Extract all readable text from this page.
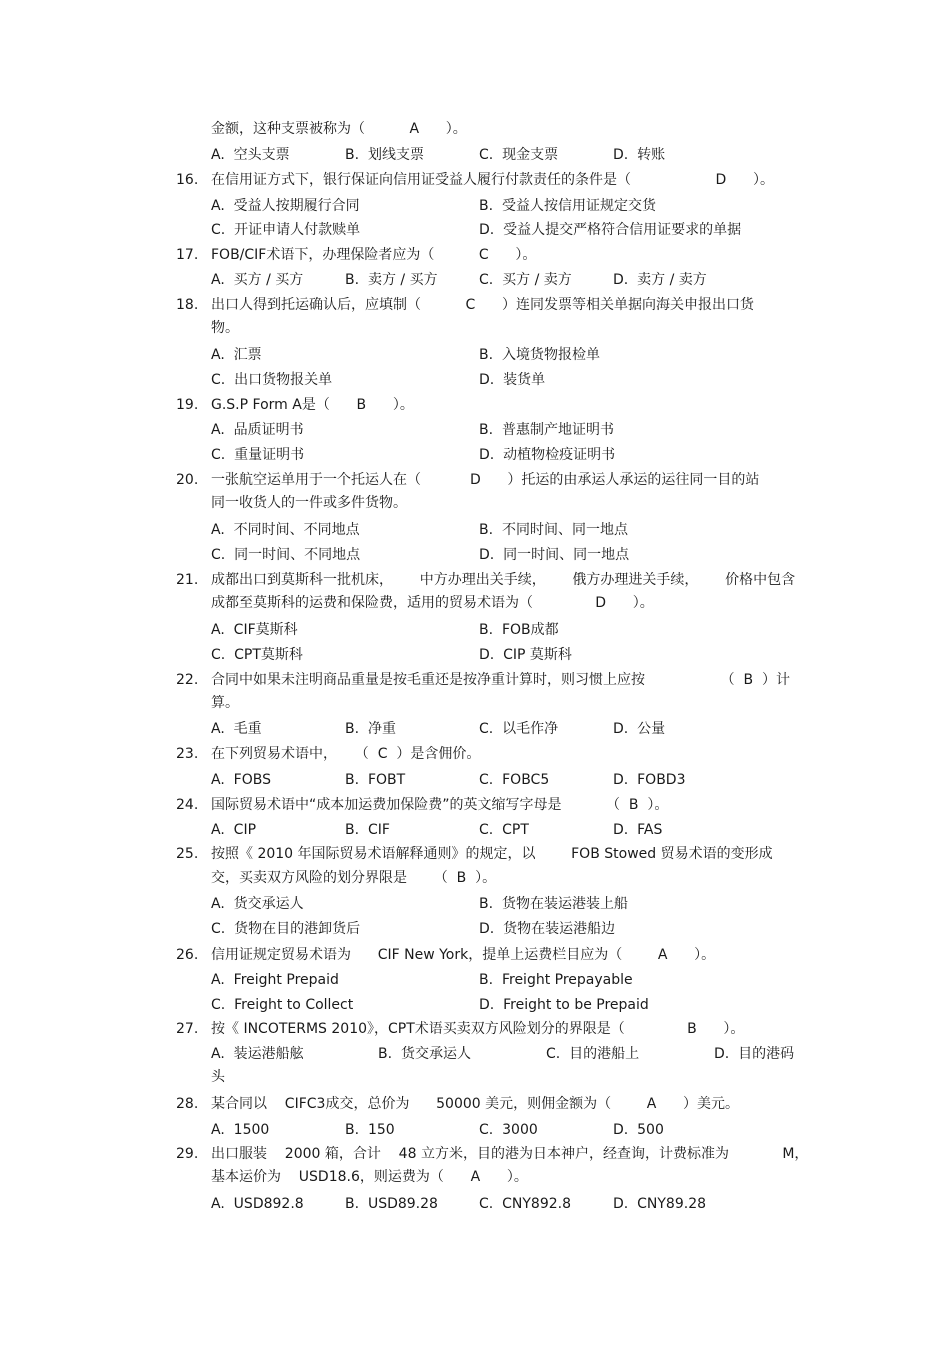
金额，这种支票被称为（          A      ）。
A.  空头支票	B.  划线支票	C.  现金支票	D.  转账
16. 在信用证方式下，银行保证向信用证受益人履行付款责任的条件是（                   D      ）。
A.  受益人按期履行合同	B.  受益人按信用证规定交货
C.  开证申请人付款赎单	D.  受益人提交严格符合信用证要求的单据
17. FOB/CIF术语下，办理保险者应为（          C      ）。
A.  买方 / 买方	B.  卖方 / 买方	C.  买方 / 卖方	D.  卖方 / 卖方
18. 出口人得到托运确认后，应填制（          C      ）连同发票等相关单据向海关申报出口货
物。
A.  汇票	B.  入境货物报检单
C.  出口货物报关单	D.  装货单
19. G.S.P Form A是（      B      ）。
A.  品质证明书	B.  普惠制产地证明书
C.  重量证明书	D.  动植物检疫证明书
20. 一张航空运单用于一个托运人在（           D      ）托运的由承运人承运的运往同一目的站
同一收货人的一件或多件货物。
A.  不同时间、不同地点	B.  不同时间、同一地点
C.  同一时间、不同地点	D.  同一时间、同一地点
21. 成都出口到莫斯科一批机床，      中方办理出关手续，      俄方办理进关手续，      价格中包含
成都至莫斯科的运费和保险费，适用的贸易术语为（              D      ）。
A.  CIF莫斯科	B.  FOB成都
C.  CPT莫斯科	D.  CIP 莫斯科
22. 合同中如果未注明商品重量是按毛重还是按净重计算时，则习惯上应按                 （  B  ）计
算。
A.  毛重	B.  净重	C.  以毛作净	D.  公量
23. 在下列贸易术语中，    （  C  ）是含佣价。
A.  FOBS	B.  FOBT	C.  FOBC5	D.  FOBD3
24. 国际贸易术语中“成本加运费加保险费”的英文缩写字母是          （  B  ）。
A.  CIP	B.  CIF	C.  CPT	D.  FAS
25. 按照《 2010 年国际贸易术语解释通则》的规定，以        FOB Stowed 贸易术语的变形成
交，买卖双方风险的划分界限是      （  B  ）。
A.  货交承运人	B.  货物在装运港装上船
C.  货物在目的港卸货后	D.  货物在装运港船边
26. 信用证规定贸易术语为      CIF New York，提单上运费栏目应为（        A      ）。
A.  Freight Prepaid	B.  Freight Prepayable
C.  Freight to Collect	D.  Freight to be Prepaid
27. 按《 INCOTERMS 2010》，CPT术语买卖双方风险划分的界限是（              B      ）。
A.  装运港船舷	B.  货交承运人	C.  目的港船上	D.  目的港码
头
28. 某合同以    CIFC3成交，总价为      50000 美元，则佣金额为（        A      ）美元。
A.  1500	B.  150	C.  3000	D.  500
29. 出口服装    2000 箱，合计    48 立方米，目的港为日本神户，经查询，计费标准为            M，
基本运价为    USD18.6，则运费为（      A      ）。
A.  USD892.8	B.  USD89.28	C.  CNY892.8	D.  CNY89.28
